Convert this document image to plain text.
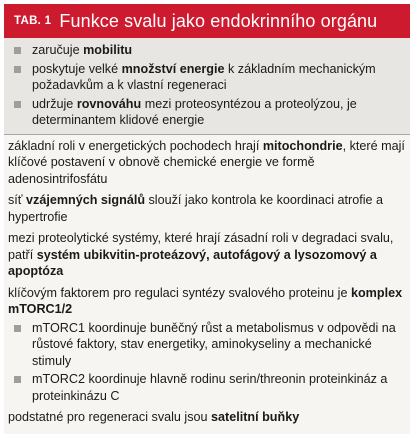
TAB. 1 Funkce svalu jako endokrinního orgánu
zaručuje mobilitu
poskytuje velké množství energie k základním mechanickým požadavkům a k vlastní regeneraci
udržuje rovnováhu mezi proteosyntézou a proteolýzou, je determinantem klidové energie
základní roli v energetických pochodech hrají mitochondrie, které mají klíčové postavení v obnově chemické energie ve formě adenosintrifosfátu
síť vzájemných signálů slouží jako kontrola ke koordinaci atrofie a hypertrofie
mezi proteolytické systémy, které hrají zásadní roli v degradaci svalu, patří systém ubikvitin-proteázový, autofágový a lysozomový a apoptóza
klíčovým faktorem pro regulaci syntézy svalového proteinu je komplex mTORC1/2
mTORC1 koordinuje buněčný růst a metabolismus v odpovědi na růstové faktory, stav energetiky, aminokyseliny a mechanické stimuly
mTORC2 koordinuje hlavně rodinu serin/threonin proteinkináz a proteinkinázu C
podstatné pro regeneraci svalu jsou satelitní buňky
